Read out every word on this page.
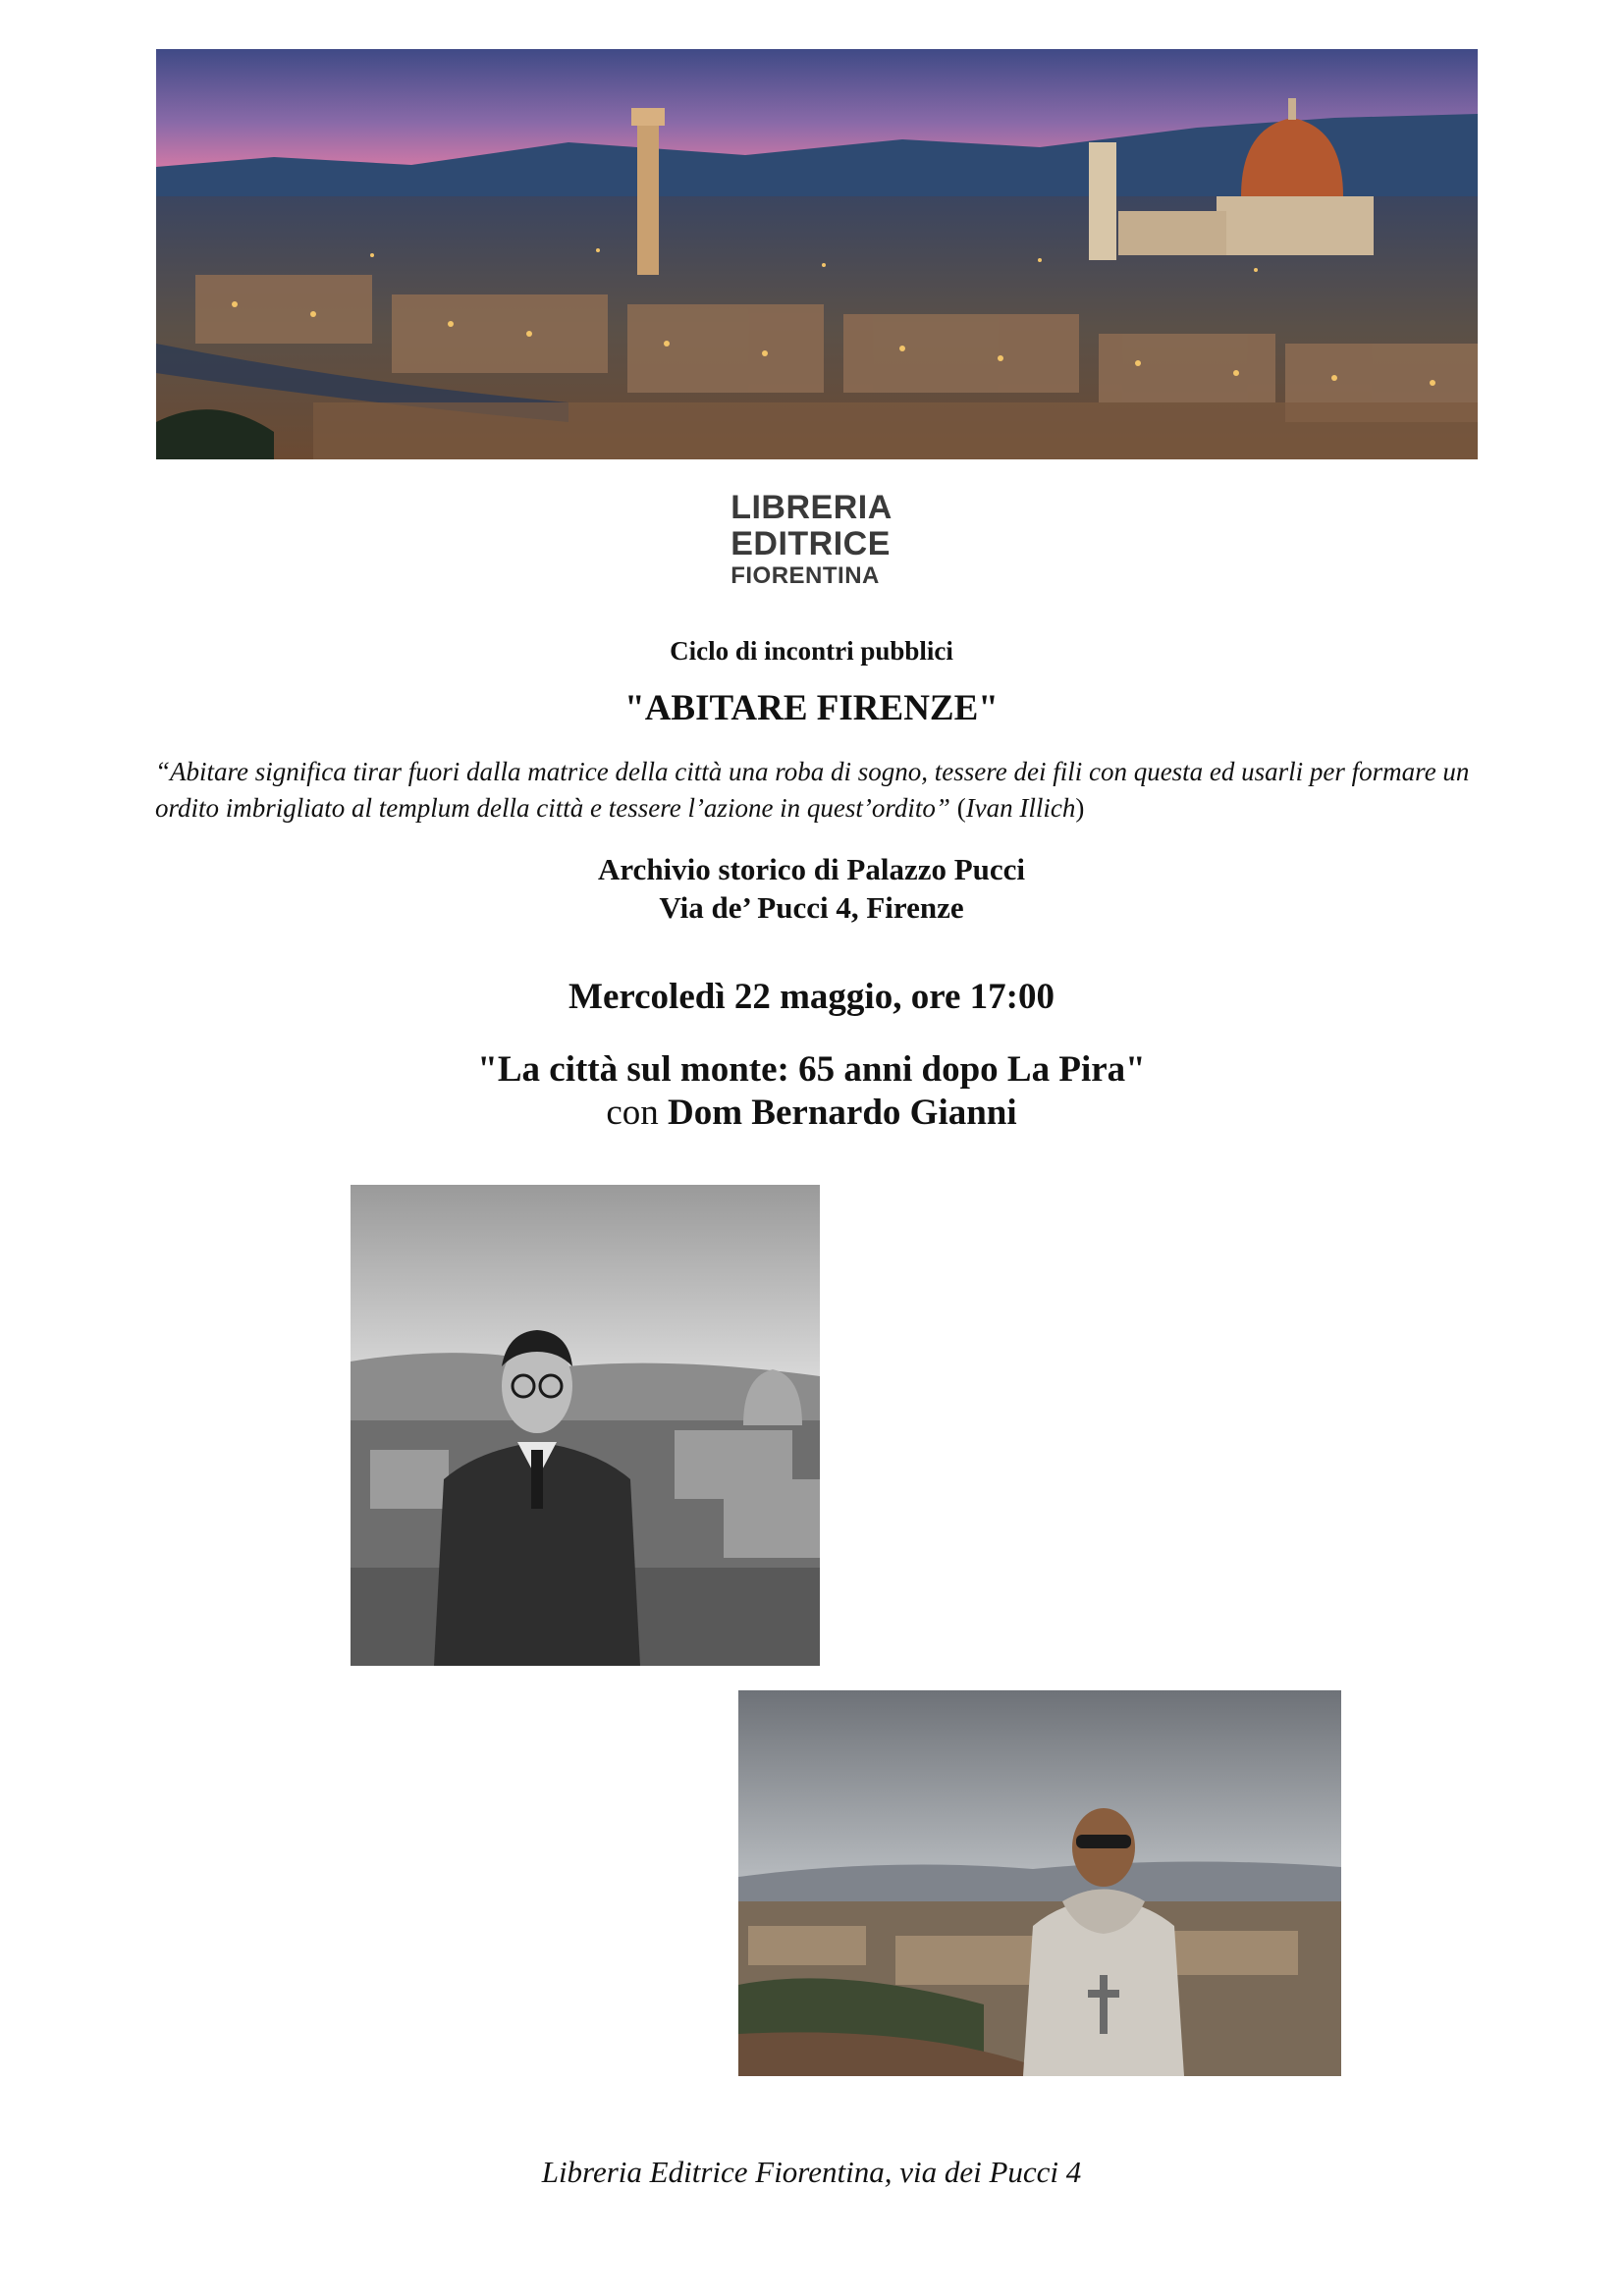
LIBRERIA
EDITRICE
FIORENTINA
Ciclo di incontri pubblici
"ABITARE FIRENZE"
“Abitare significa tirar fuori dalla matrice della città una roba di sogno, tessere dei fili con questa ed usarli per formare un ordito imbrigliato al templum della città e tessere l’azione in quest’ordito” (Ivan Illich)
Archivio storico di Palazzo Pucci
Via de’ Pucci 4, Firenze
Mercoledì 22 maggio, ore 17:00
"La città sul monte: 65 anni dopo La Pira"
con Dom Bernardo Gianni
Libreria Editrice Fiorentina, via dei Pucci 4
